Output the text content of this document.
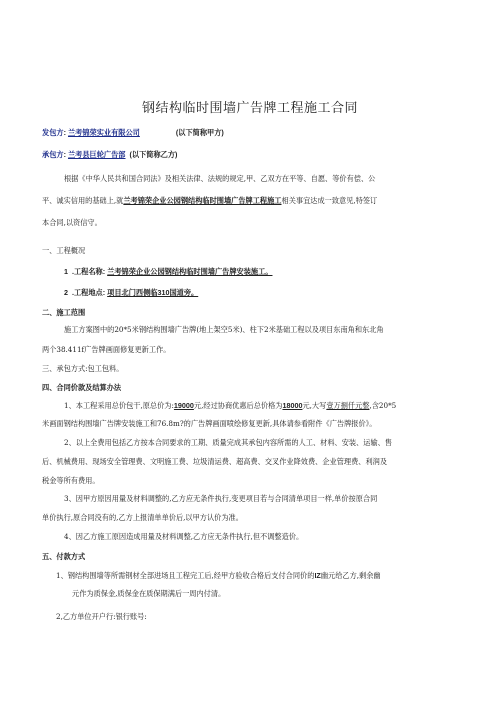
钢结构临时围墙广告牌工程施工合同
发包方: 兰考锦荣实业有限公司	(以下简称甲方)
承包方: 兰考县巨轮广告部 (以下简称乙方)
根据《中华人民共和国合同法》及相关法律、法规的规定,甲、乙双方在平等、自愿、等价有偿、公
平、诚实信用的基础上,就兰考锦荣企业公园钢结构临时围墙广告牌工程施工相关事宜达成一致意见,特签订
本合同,以资信守。
一、工程概况
1 .工程名称: 兰考锦荣企业公园钢结构临时围墙广告牌安装施工。
2 .工程地点: 项目北门西侧临310国道旁。
二、施工范围
施工方案图中的20*5米钢结构围墙广告牌(地上架空5米)、柱下2米基础工程以及项目东南角和东北角
两个38.411f广告牌画面修复更新工作。
三、承包方式:包工包料。
四、合同价款及结算办法
1、本工程采用总价包干,原总价为:19000元,经过协商优惠后总价格为18000元,大写壹万捌仟元整,含20*5
米画面钢结构围墙广告牌安装施工和76.8m?的广告牌画面喷绘修复更新,具体请参看附件《广告牌报价》。
2、以上全费用包括乙方按本合同要求的工期、质量完成其承包内容所需的人工、材料、安装、运输、售
后、机械费用、现场安全管理费、文明施工费、垃圾清运费、超高费、交叉作业降效费、企业管理费、利润及
税金等所有费用。
3、因甲方原因用量及材料调整的,乙方应无条件执行,变更项目若与合同清单项目一样,单价按原合同
单价执行,原合同没有的,乙方上报清单单价后,以甲方认价为准。
4、因乙方施工原因造成用量及材料调整,乙方应无条件执行,但不调整造价。
五、付款方式
1、钢结构围墙等所需钢材全部进场且工程完工后,经甲方验收合格后支付合同价的IZ幽元给乙方,剩余幽
元作为质保金,质保金在质保期满后一周内付清。
2,乙方单位开户行:银行账号:
